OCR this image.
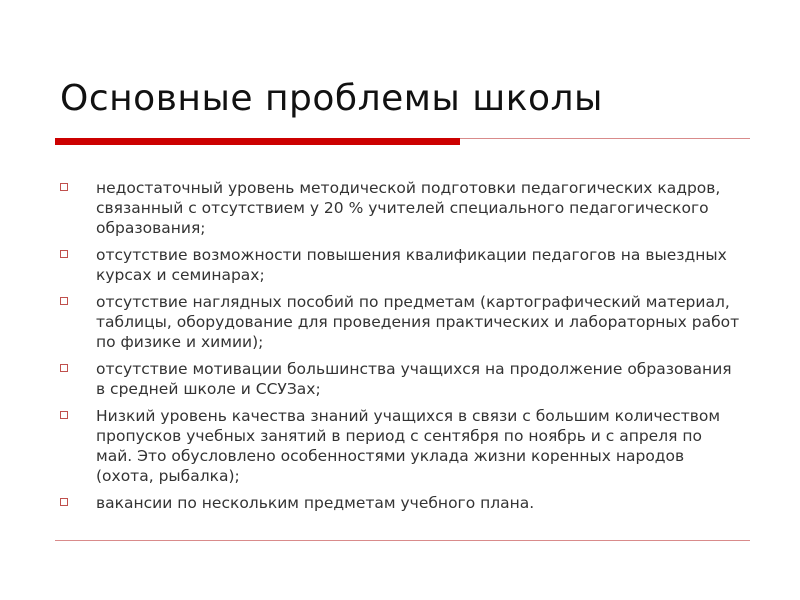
Основные проблемы школы
недостаточный уровень методической подготовки педагогических кадров, связанный с отсутствием у 20 % учителей специального педагогического образования;
отсутствие возможности повышения квалификации педагогов на выездных курсах и семинарах;
отсутствие наглядных пособий по предметам (картографический материал, таблицы, оборудование для проведения практических и лабораторных работ по физике и химии);
отсутствие мотивации большинства учащихся на продолжение образования в средней школе и ССУЗах;
Низкий уровень качества знаний учащихся в связи с большим количеством пропусков учебных занятий в период с сентября по ноябрь и с апреля по май. Это обусловлено особенностями уклада жизни коренных народов (охота, рыбалка);
вакансии по нескольким предметам учебного плана.
